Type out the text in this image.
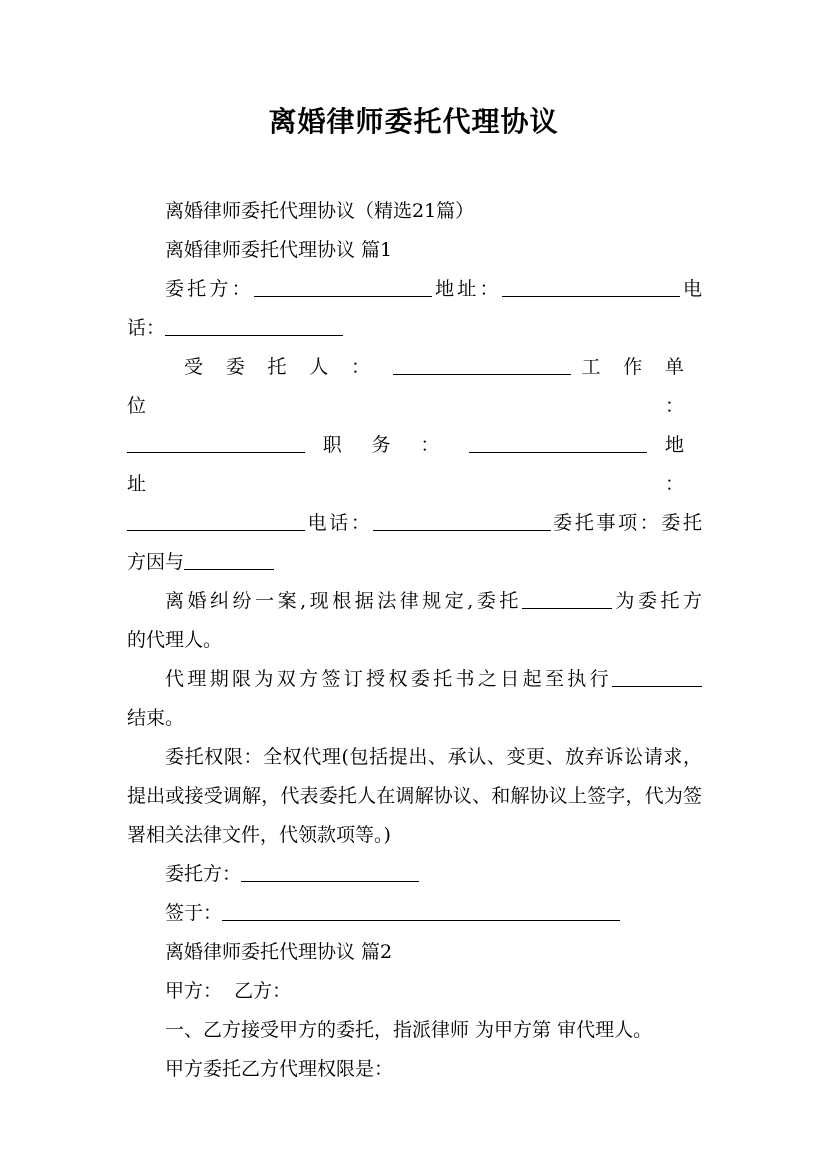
离婚律师委托代理协议

离婚律师委托代理协议（精选21篇）

离婚律师委托代理协议 篇1

委托方：	地址：	电
话：
受委托人：	工作单位：
职务：	地址：
电话：	委托事项：委托
方因与
离婚纠纷一案,现根据法律规定,委托	为委托方
的代理人。
代理期限为双方签订授权委托书之日起至执行
结束。

委托权限：全权代理(包括提出、承认、变更、放弃诉讼请求，提出或接受调解，代表委托人在调解协议、和解协议上签字，代为签署相关法律文件，代领款项等。)

委托方：
签于：

离婚律师委托代理协议 篇2

甲方：  乙方：

一、乙方接受甲方的委托，指派律师 为甲方第 审代理人。

甲方委托乙方代理权限是：
